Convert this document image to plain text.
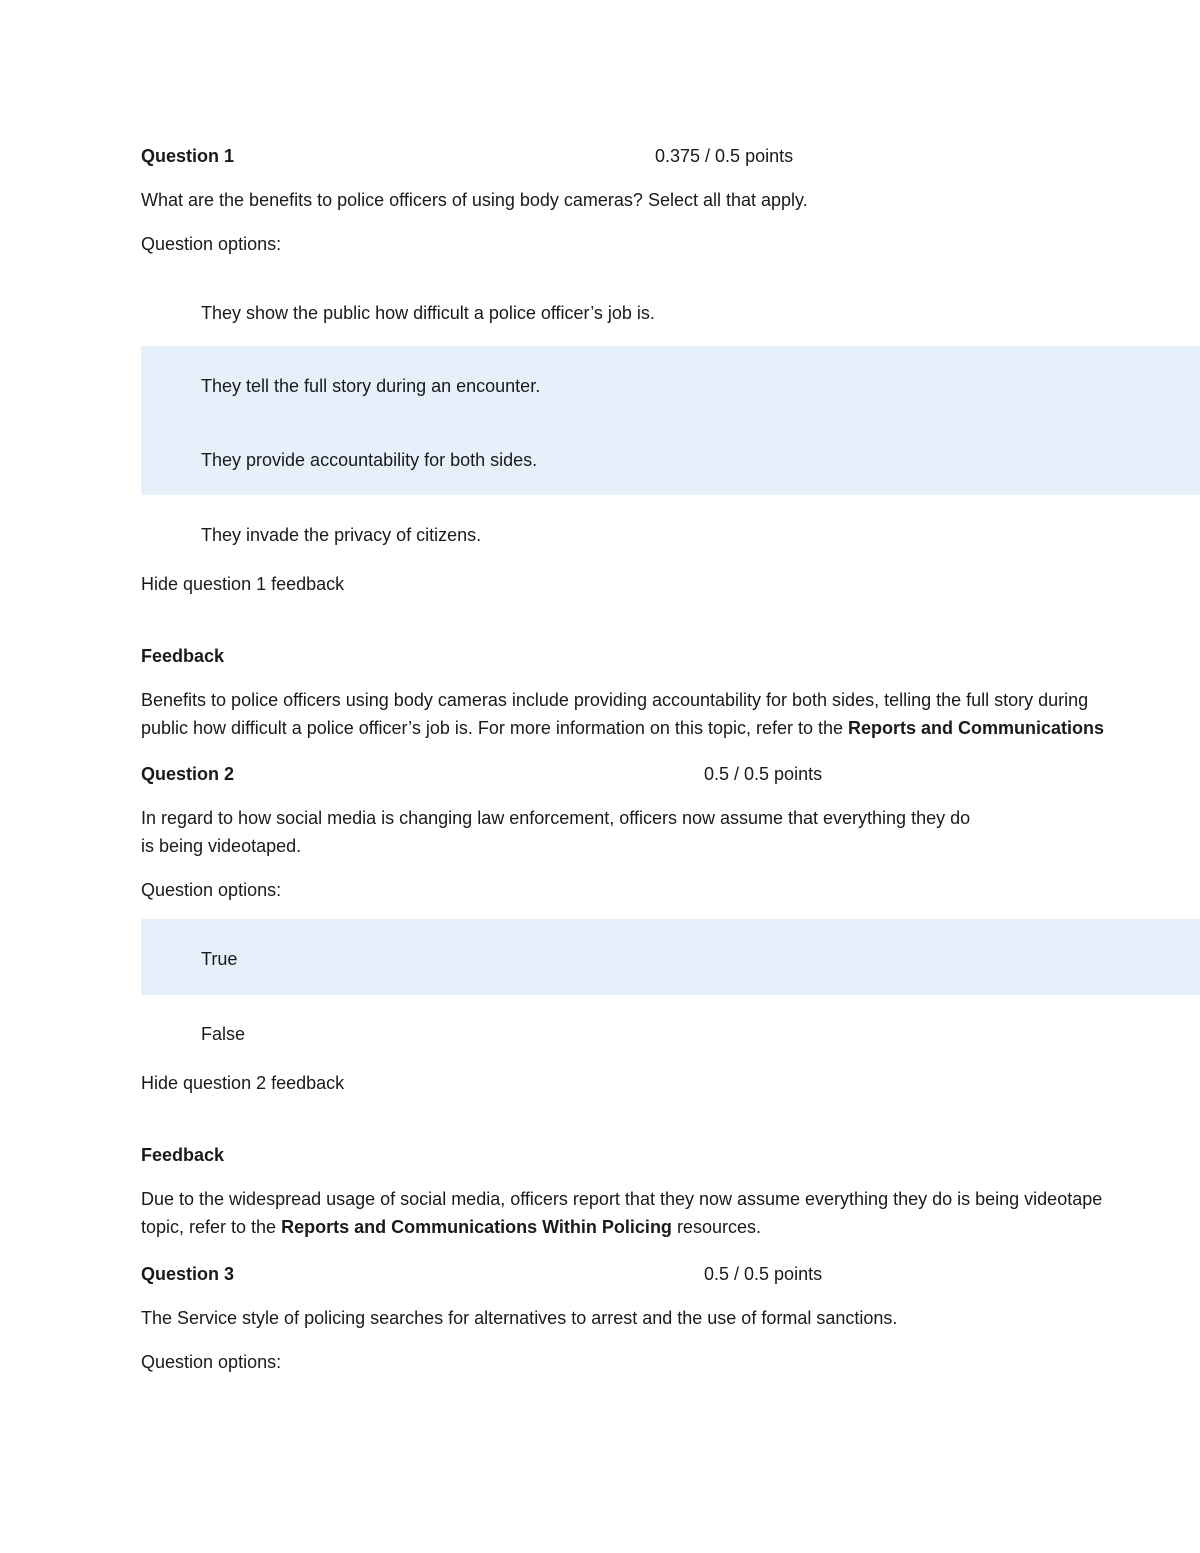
Question 1	0.375 / 0.5 points
What are the benefits to police officers of using body cameras? Select all that apply.
Question options:
They show the public how difficult a police officer’s job is.
They tell the full story during an encounter.
They provide accountability for both sides.
They invade the privacy of citizens.
Hide question 1 feedback
Feedback
Benefits to police officers using body cameras include providing accountability for both sides, telling the full story during
public how difficult a police officer’s job is. For more information on this topic, refer to the Reports and Communications
Question 2	0.5 / 0.5 points
In regard to how social media is changing law enforcement, officers now assume that everything they do
is being videotaped.
Question options:
True
False
Hide question 2 feedback
Feedback
Due to the widespread usage of social media, officers report that they now assume everything they do is being videotape
topic, refer to the Reports and Communications Within Policing resources.
Question 3	0.5 / 0.5 points
The Service style of policing searches for alternatives to arrest and the use of formal sanctions.
Question options:
